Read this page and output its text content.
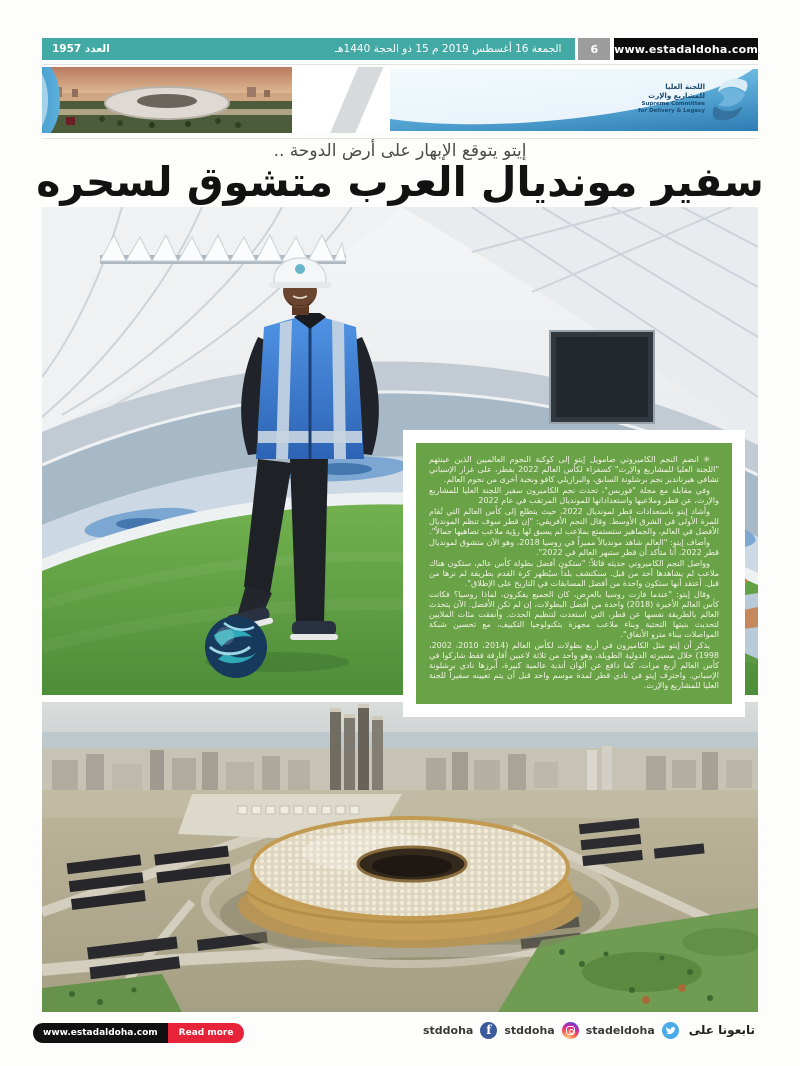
الجمعة 16 أغسطس 2019 م 15 ذو الحجة 1440هـ
العدد 1957	6	www.estadaldoha.com
اللجنة العليا
للمشاريع والإرث
Supreme Committee
for Delivery & Legacy
إيتو يتوقع الإبهار على أرض الدوحة ..
سفير مونديال العرب متشوق لسحره

✳ انضم النجم الكاميروني صامويل إيتو إلى كوكبة النجوم العالميين الذين عينتهم "اللجنة العليا للمشاريع والإرث" كسفراء لكأس العالم 2022 بقطر، على غرار الإسباني تشافي هيرنانديز نجم برشلونة السابق، والبرازيلي كافو ونخبة أخرى من نجوم العالم.

وفي مقابلة مع مجلة "فوربس"، تحدث نجم الكاميرون سفير اللجنة العليا للمشاريع والإرث، عن قطر وملاعبها واستعداداتها للمونديال المرتقب في عام 2022

وأشاد إيتو باستعدادات قطر لمونديال 2022، حيث يتطلع إلى كأس العالم التي تُقام للمرة الأولى في الشرق الأوسط. وقال النجم الأفريقي: "إن قطر سوف تنظم المونديال الأفضل في العالم، والجماهير ستستمتع بملاعب لم يسبق لها رؤية ملاعب تضاهيها جمالاً".

وأضاف إيتو: "العالم شاهد مونديالاً مميزاً في روسيا 2018، وهو الآن متشوق لمونديال قطر 2022. أنا متأكد أن قطر ستبهر العالم في 2022".

وواصل النجم الكاميروني حديثه قائلاً: "ستكون أفضل بطولة كأس عالم، ستكون هناك ملاعب لم يشاهدها أحد من قبل. سنكتشف بلداً سيُظهر كرة القدم بطريقة لم نرها من قبل. أعتقد أنها ستكون واحدة من أفضل المسابقات في التاريخ على الإطلاق".

وقال إيتو: "عندما فازت روسيا بالعرض، كان الجميع يفكرون، لماذا روسيا؟ فكانت كأس العالم الأخيرة (2018) واحدة من أفضل البطولات، إن لم تكن الأفضل. الآن يتحدث العالم بالطريقة نفسها عن قطر، التي استعدت لتنظيم الحدث. وأنفقت مئات الملايين لتحديث بنيتها التحتية وبناء ملاعب مجهزة بتكنولوجيا التكييف، مع تحسين شبكة المواصلات ببناء مترو الأنفاق".

يذكر أن إيتو مثل الكاميرون في أربع بطولات لكأس العالم (2014، 2010، 2002، 1998) خلال مسيرته الدولية الطويلة، وهو واحد من ثلاثة لاعبين أفارقة فقط شاركوا في كأس العالم أربع مرات، كما دافع عن ألوان أندية عالمية كبيرة، أبرزها نادي برشلونة الإسباني. واحترف إيتو في نادي قطر لمدة موسم واحد قبل أن يتم تعيينه سفيراً للجنة العليا للمشاريع والإرث.

www.estadaldoha.com	Read more	stddoha	f	stddoha	stadeldoha	تابعونا على
